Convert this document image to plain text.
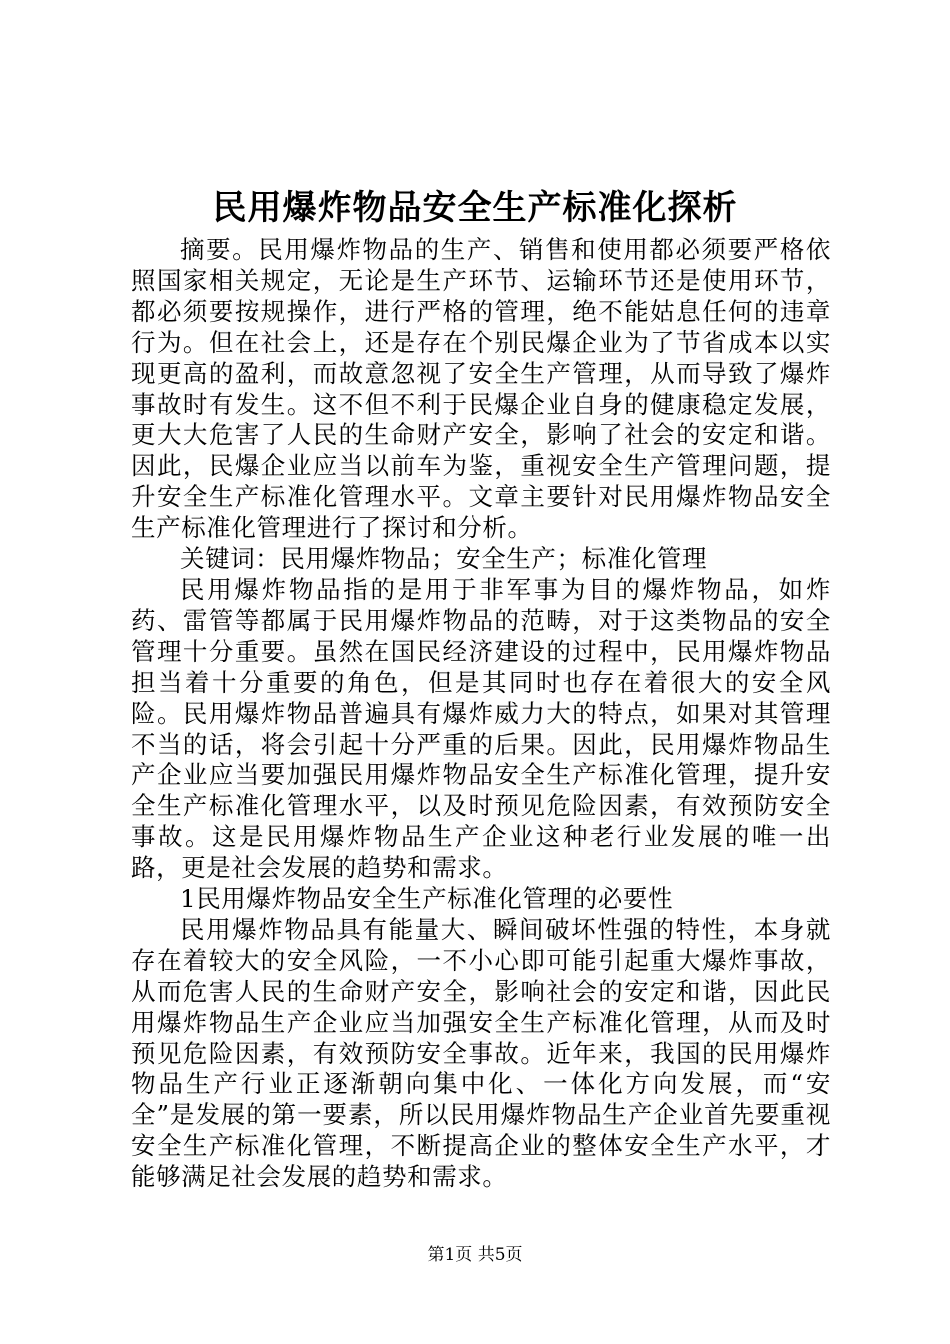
民用爆炸物品安全生产标准化探析

摘要。民用爆炸物品的生产、销售和使用都必须要严格依照国家相关规定，无论是生产环节、运输环节还是使用环节，都必须要按规操作，进行严格的管理，绝不能姑息任何的违章行为。但在社会上，还是存在个别民爆企业为了节省成本以实现更高的盈利，而故意忽视了安全生产管理，从而导致了爆炸事故时有发生。这不但不利于民爆企业自身的健康稳定发展，更大大危害了人民的生命财产安全，影响了社会的安定和谐。因此，民爆企业应当以前车为鉴，重视安全生产管理问题，提升安全生产标准化管理水平。文章主要针对民用爆炸物品安全生产标准化管理进行了探讨和分析。

关键词：民用爆炸物品；安全生产；标准化管理

民用爆炸物品指的是用于非军事为目的爆炸物品，如炸药、雷管等都属于民用爆炸物品的范畴，对于这类物品的安全管理十分重要。虽然在国民经济建设的过程中，民用爆炸物品担当着十分重要的角色，但是其同时也存在着很大的安全风险。民用爆炸物品普遍具有爆炸威力大的特点，如果对其管理不当的话，将会引起十分严重的后果。因此，民用爆炸物品生产企业应当要加强民用爆炸物品安全生产标准化管理，提升安全生产标准化管理水平，以及时预见危险因素，有效预防安全事故。这是民用爆炸物品生产企业这种老行业发展的唯一出路，更是社会发展的趋势和需求。

1民用爆炸物品安全生产标准化管理的必要性

民用爆炸物品具有能量大、瞬间破坏性强的特性，本身就存在着较大的安全风险，一不小心即可能引起重大爆炸事故，从而危害人民的生命财产安全，影响社会的安定和谐，因此民用爆炸物品生产企业应当加强安全生产标准化管理，从而及时预见危险因素，有效预防安全事故。近年来，我国的民用爆炸物品生产行业正逐渐朝向集中化、一体化方向发展，而“安全”是发展的第一要素，所以民用爆炸物品生产企业首先要重视安全生产标准化管理，不断提高企业的整体安全生产水平，才能够满足社会发展的趋势和需求。

第1页 共5页
